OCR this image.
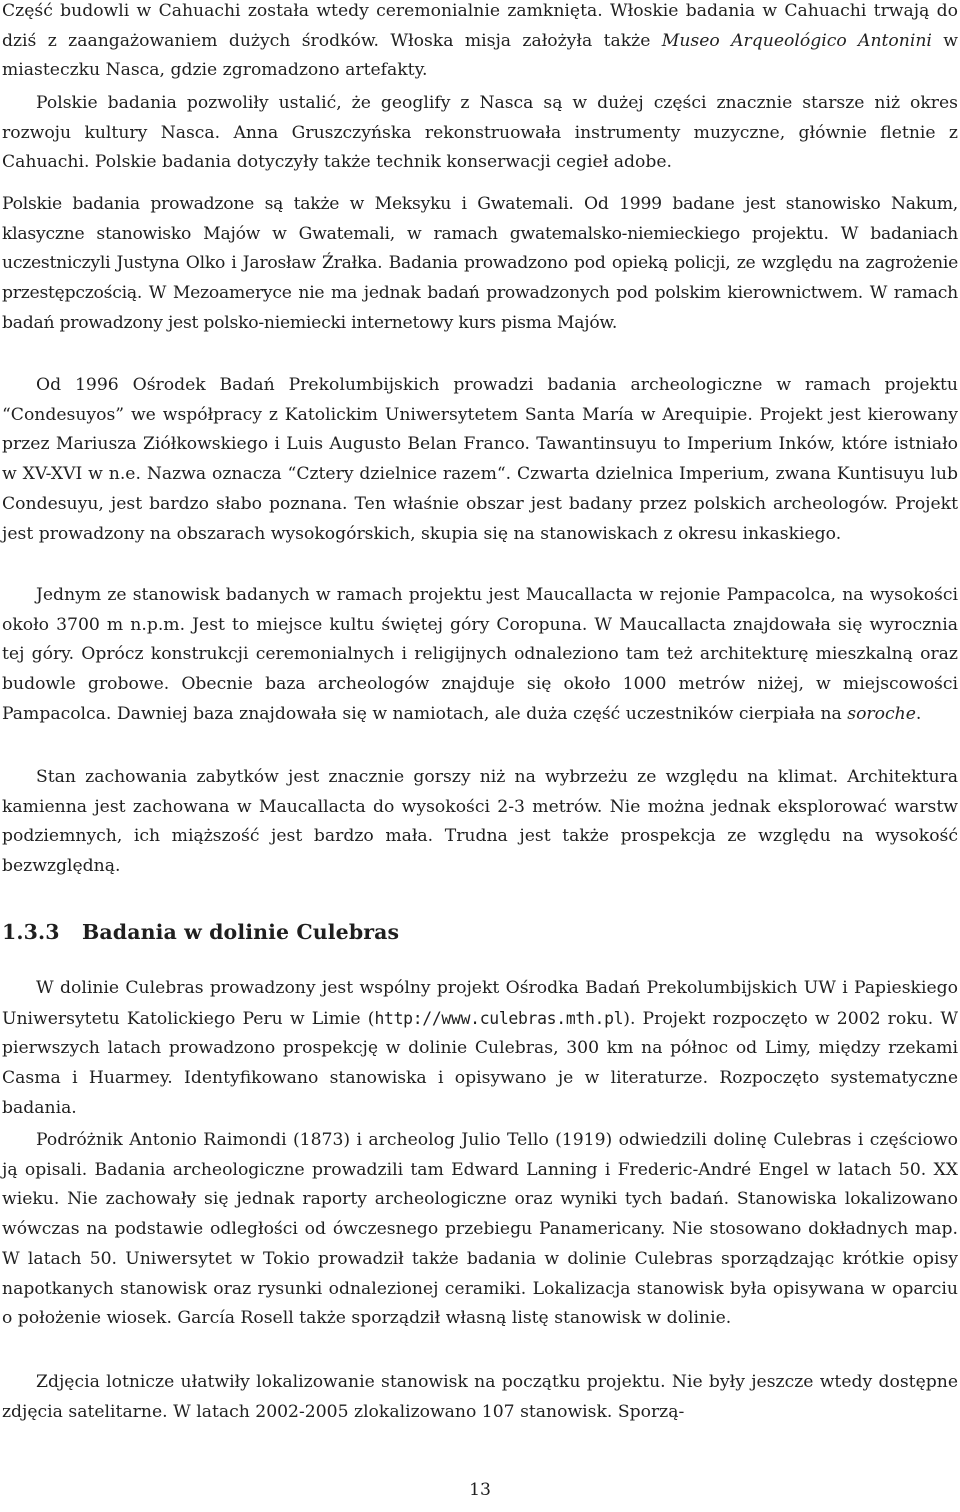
Część budowli w Cahuachi została wtedy ceremonialnie zamknięta. Włoskie badania w Cahuachi trwają do dziś z zaangażowaniem dużych środków. Włoska misja założyła także Museo Arqueológico Antonini w miasteczku Nasca, gdzie zgromadzono artefakty.

Polskie badania pozwoliły ustalić, że geoglify z Nasca są w dużej części znacznie starsze niż okres rozwoju kultury Nasca. Anna Gruszczyńska rekonstruowała instrumenty muzyczne, głównie fletnie z Cahuachi. Polskie badania dotyczyły także technik konserwacji cegieł adobe.

Polskie badania prowadzone są także w Meksyku i Gwatemali. Od 1999 badane jest stanowisko Nakum, klasyczne stanowisko Majów w Gwatemali, w ramach gwatemalsko-niemieckiego projektu. W badaniach uczestniczyli Justyna Olko i Jarosław Źrałka. Badania prowadzono pod opieką policji, ze względu na zagrożenie przestępczością. W Mezoameryce nie ma jednak badań prowadzonych pod polskim kierownictwem. W ramach badań prowadzony jest polsko-niemiecki internetowy kurs pisma Majów.

Od 1996 Ośrodek Badań Prekolumbijskich prowadzi badania archeologiczne w ramach projektu “Condesuyos” we współpracy z Katolickim Uniwersytetem Santa María w Arequipie. Projekt jest kierowany przez Mariusza Ziółkowskiego i Luis Augusto Belan Franco. Tawantinsuyu to Imperium Inków, które istniało w XV-XVI w n.e. Nazwa oznacza “Cztery dzielnice razem“. Czwarta dzielnica Imperium, zwana Kuntisuyu lub Condesuyu, jest bardzo słabo poznana. Ten właśnie obszar jest badany przez polskich archeologów. Projekt jest prowadzony na obszarach wysokogórskich, skupia się na stanowiskach z okresu inkaskiego.

Jednym ze stanowisk badanych w ramach projektu jest Maucallacta w rejonie Pampacolca, na wysokości około 3700 m n.p.m. Jest to miejsce kultu świętej góry Coropuna. W Maucallacta znajdowała się wyrocznia tej góry. Oprócz konstrukcji ceremonialnych i religijnych odnaleziono tam też architekturę mieszkalną oraz budowle grobowe. Obecnie baza archeologów znajduje się około 1000 metrów niżej, w miejscowości Pampacolca. Dawniej baza znajdowała się w namiotach, ale duża część uczestników cierpiała na soroche.

Stan zachowania zabytków jest znacznie gorszy niż na wybrzeżu ze względu na klimat. Architektura kamienna jest zachowana w Maucallacta do wysokości 2-3 metrów. Nie można jednak eksplorować warstw podziemnych, ich miąższość jest bardzo mała. Trudna jest także prospekcja ze względu na wysokość bezwzględną.

1.3.3 Badania w dolinie Culebras

W dolinie Culebras prowadzony jest wspólny projekt Ośrodka Badań Prekolumbijskich UW i Papieskiego Uniwersytetu Katolickiego Peru w Limie (http://www.culebras.mth.pl). Projekt rozpoczęto w 2002 roku. W pierwszych latach prowadzono prospekcję w dolinie Culebras, 300 km na północ od Limy, między rzekami Casma i Huarmey. Identyfikowano stanowiska i opisywano je w literaturze. Rozpoczęto systematyczne badania.

Podróżnik Antonio Raimondi (1873) i archeolog Julio Tello (1919) odwiedzili dolinę Culebras i częściowo ją opisali. Badania archeologiczne prowadzili tam Edward Lanning i Frederic-André Engel w latach 50. XX wieku. Nie zachowały się jednak raporty archeologiczne oraz wyniki tych badań. Stanowiska lokalizowano wówczas na podstawie odległości od ówczesnego przebiegu Panamericany. Nie stosowano dokładnych map. W latach 50. Uniwersytet w Tokio prowadził także badania w dolinie Culebras sporządzając krótkie opisy napotkanych stanowisk oraz rysunki odnalezionej ceramiki. Lokalizacja stanowisk była opisywana w oparciu o położenie wiosek. García Rosell także sporządził własną listę stanowisk w dolinie.

Zdjęcia lotnicze ułatwiły lokalizowanie stanowisk na początku projektu. Nie były jeszcze wtedy dostępne zdjęcia satelitarne. W latach 2002-2005 zlokalizowano 107 stanowisk. Sporzą-

13
